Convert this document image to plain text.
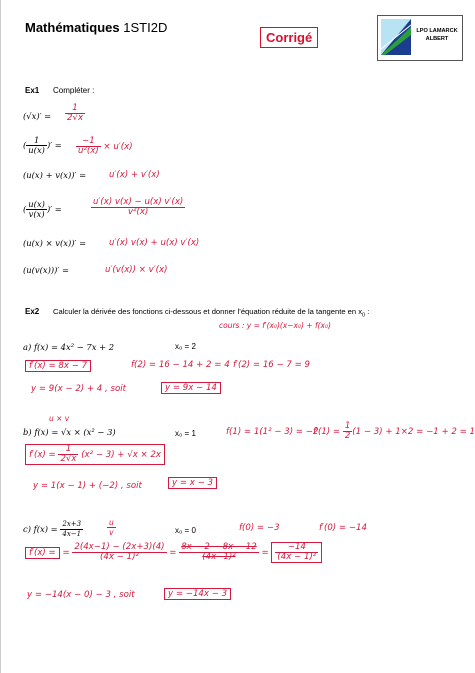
Mathématiques 1STI2D
Corrigé	LPO LAMARCK
ALBERT
Ex1 Compléter :
$(√x)' = \frac{1}{2√x}$
( $\frac{1}{u(x)}$ )′ = $\frac{-1}{\text{u²(x)}} \times u'(x)$
(u(x) + v(x))′ =	u′(x) + v′(x)
( $\frac{u(x)}{v(x)}$ )′ =	$\frac{u'(x) v(x) - u(x) v'(x)}{\text{v²(x)}}$
(u(x) × v(x))′ =	u′(x) v(x) + u(x) v′(x)
(u(v(x)))′ =	u′(v(x)) × v′(x)
Ex2 Calculer la dérivée des fonctions ci-dessous et donner l’équation réduite de la tangente en $x_0$ :
cours : y = f′(x₀)(x−x₀) + f(x₀)
a) f(x) = 4x² − 7x + 2	x₀ = 2
f′(x) = 8x − 7	f(2) = 16 − 14 + 2 = 4 f′(2) = 16 − 7 = 9
y = 9(x − 2) + 4 , soit	y = 9x − 14
u × v
b) f(x) = √x × (x² − 3)	x₀ = 1	f(1) = 1(1² − 3) = −2
$f'(1) = \frac{1}{2} (1 - 3) + 1\times 2 = -1 + 2 = 1$
$f'(x) = \frac{1}{2√x} (x^2 - 3) + √x \times 2x$
y = 1(x − 1) + (−2) , soit	y = x − 3
f(0) = −3	f′(0) = −14
c) $f(x) = \frac{2x+3}{4x-1}$	$\frac{u}{v}$	x₀ = 0
f′(x) = = $\frac{2(4x-1) - (2x+3)(4)}{\text{(4x − 1)²}} = \frac{8x - 2 - 8x - 12}{\text{(4x−1)²}} = \frac{-14}{\text{(4x − 1)²}}$
y = −14(x − 0) − 3 , soit	y = −14x − 3
